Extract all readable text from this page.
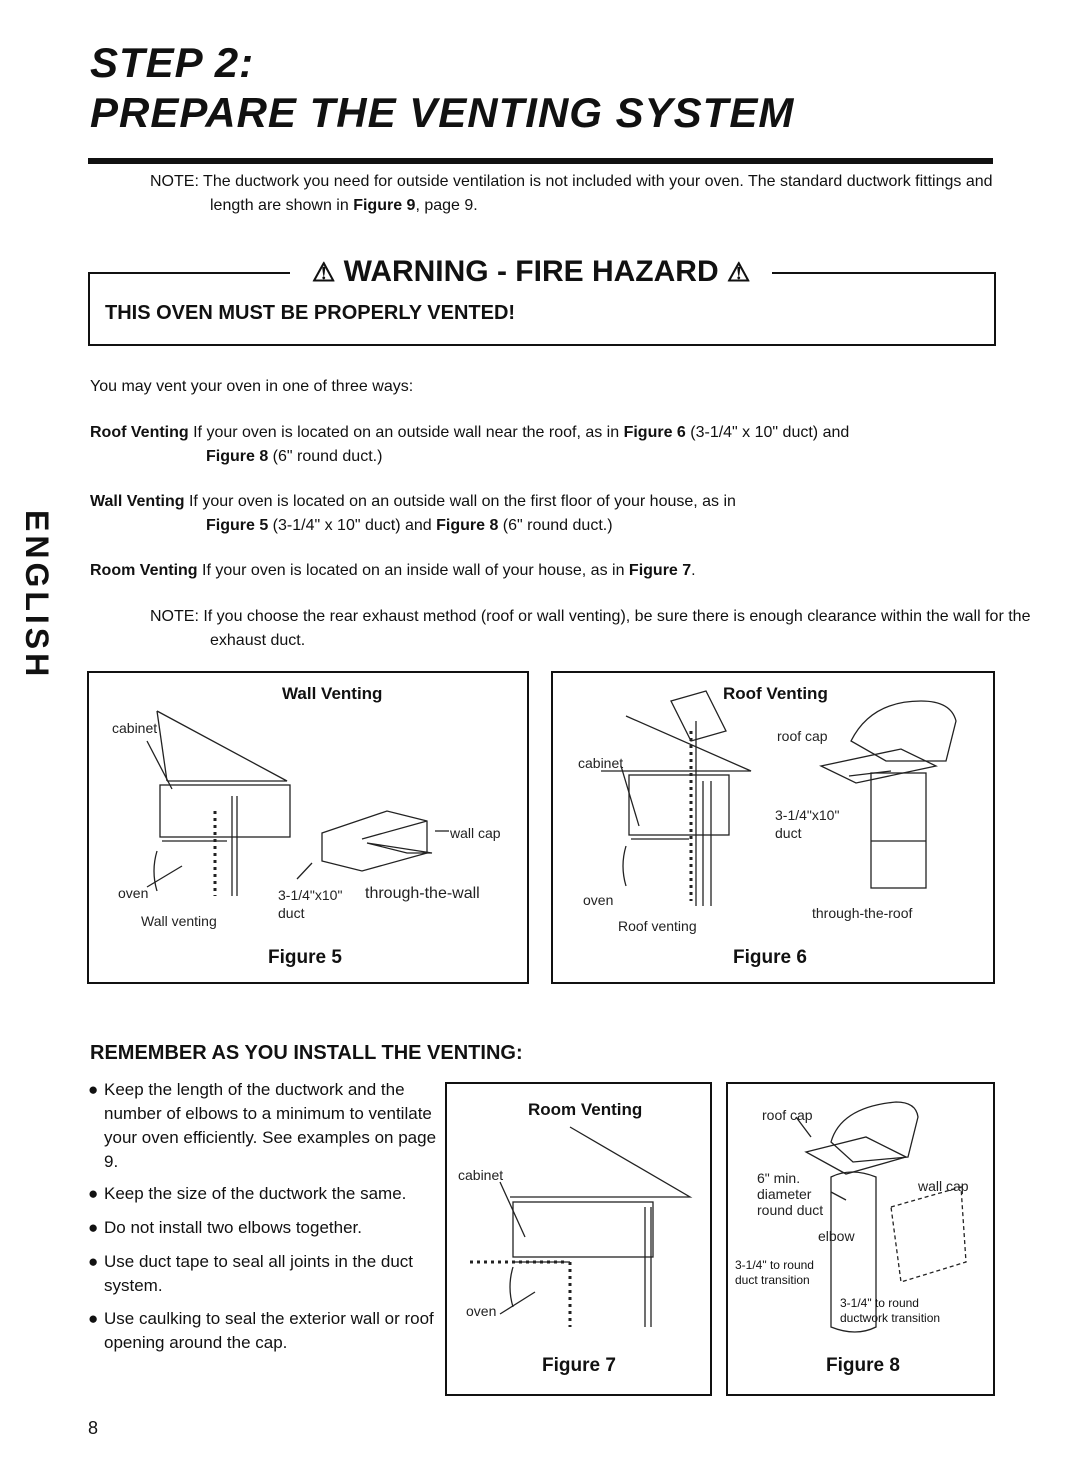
STEP 2:
PREPARE THE VENTING SYSTEM
ENGLISH
NOTE: The ductwork you need for outside ventilation is not included with your oven. The standard ductwork fittings and length are shown in Figure 9, page 9.
⚠ WARNING - FIRE HAZARD ⚠
THIS OVEN MUST BE PROPERLY VENTED!
You may vent your oven in one of three ways:
Roof Venting If your oven is located on an outside wall near the roof, as in Figure 6 (3-1/4" x 10" duct) and
Figure 8 (6" round duct.)
Wall Venting If your oven is located on an outside wall on the first floor of your house, as in
Figure 5 (3-1/4" x 10" duct) and Figure 8 (6" round duct.)
Room Venting If your oven is located on an inside wall of your house, as in Figure 7.
NOTE: If you choose the rear exhaust method (roof or wall venting), be sure there is enough clearance within the wall for the exhaust duct.
Wall Venting
cabinet
oven
Wall venting
wall cap
3-1/4"x10"
duct
through-the-wall
Figure 5
Roof Venting
cabinet
oven
Roof venting
roof cap
3-1/4"x10"
duct
through-the-roof
Figure 6
REMEMBER AS YOU INSTALL THE VENTING:
● Keep the length of the ductwork and the number of elbows to a minimum to ventilate your oven efficiently. See examples on page 9.
● Keep the size of the ductwork the same.
● Do not install two elbows together.
● Use duct tape to seal all joints in the duct system.
● Use caulking to seal the exterior wall or roof opening around the cap.
Room Venting
cabinet
oven
Figure 7
roof cap
6" min.
diameter
round duct
elbow
wall cap
3-1/4" to round
duct transition
3-1/4" to round
ductwork transition
Figure 8
8
